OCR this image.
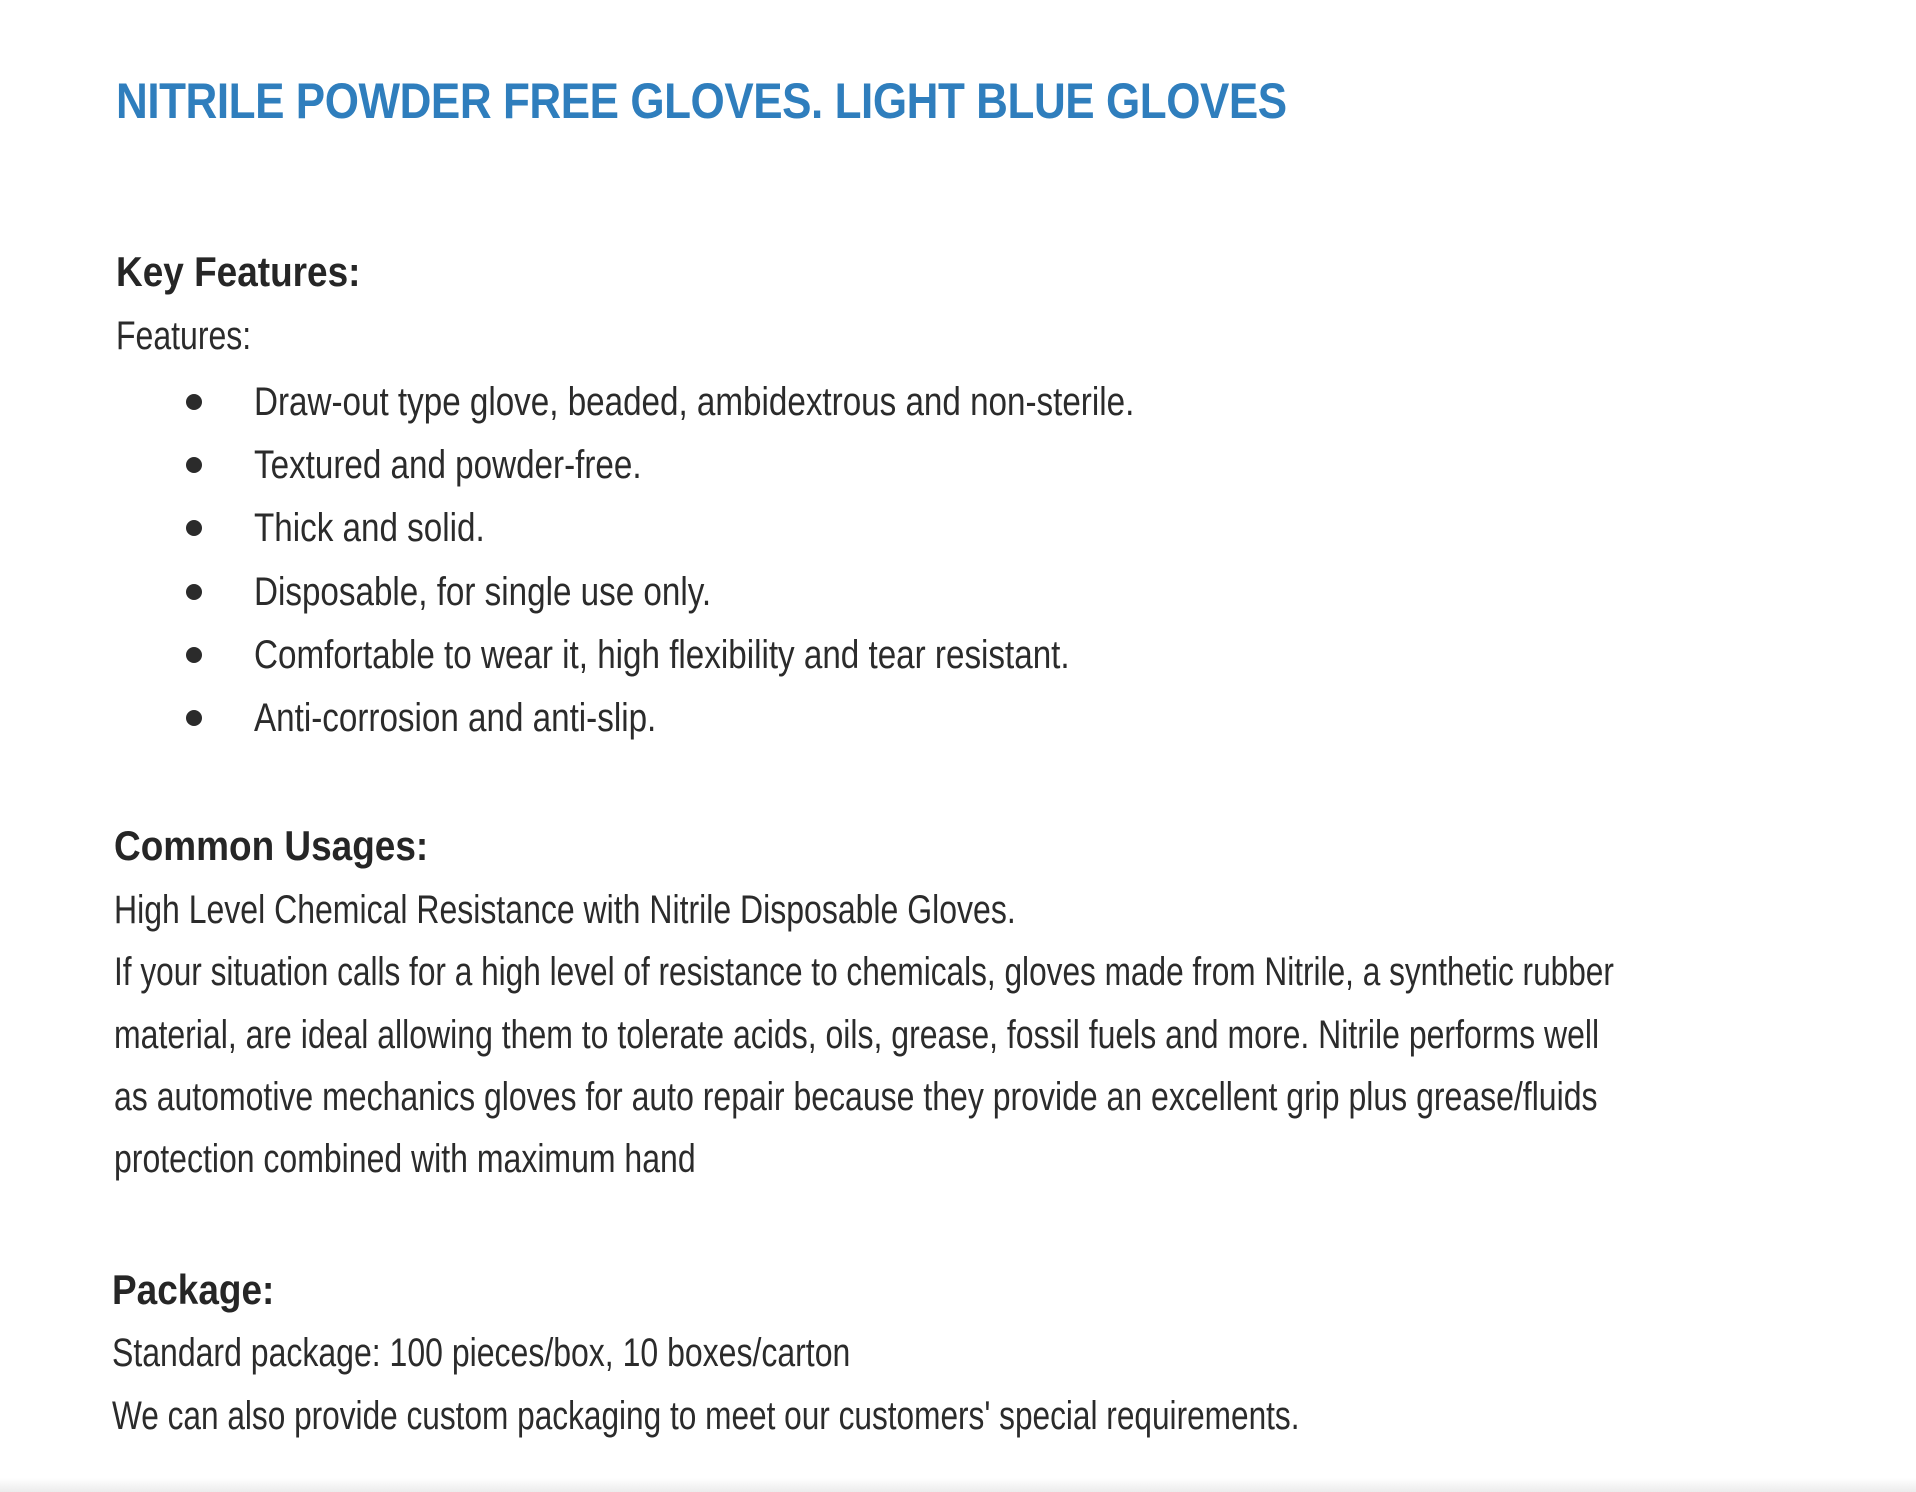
NITRILE POWDER FREE GLOVES. LIGHT BLUE GLOVES
Key Features:

Features:

Draw-out type glove, beaded, ambidextrous and non-sterile.
Textured and powder-free.
Thick and solid.
Disposable, for single use only.
Comfortable to wear it, high flexibility and tear resistant.
Anti-corrosion and anti-slip.
Common Usages:

High Level Chemical Resistance with Nitrile Disposable Gloves.

If your situation calls for a high level of resistance to chemicals, gloves made from Nitrile, a synthetic rubber

material, are ideal allowing them to tolerate acids, oils, grease, fossil fuels and more. Nitrile performs well

as automotive mechanics gloves for auto repair because they provide an excellent grip plus grease/fluids

protection combined with maximum hand

Package:

Standard package: 100 pieces/box, 10 boxes/carton

We can also provide custom packaging to meet our customers' special requirements.
